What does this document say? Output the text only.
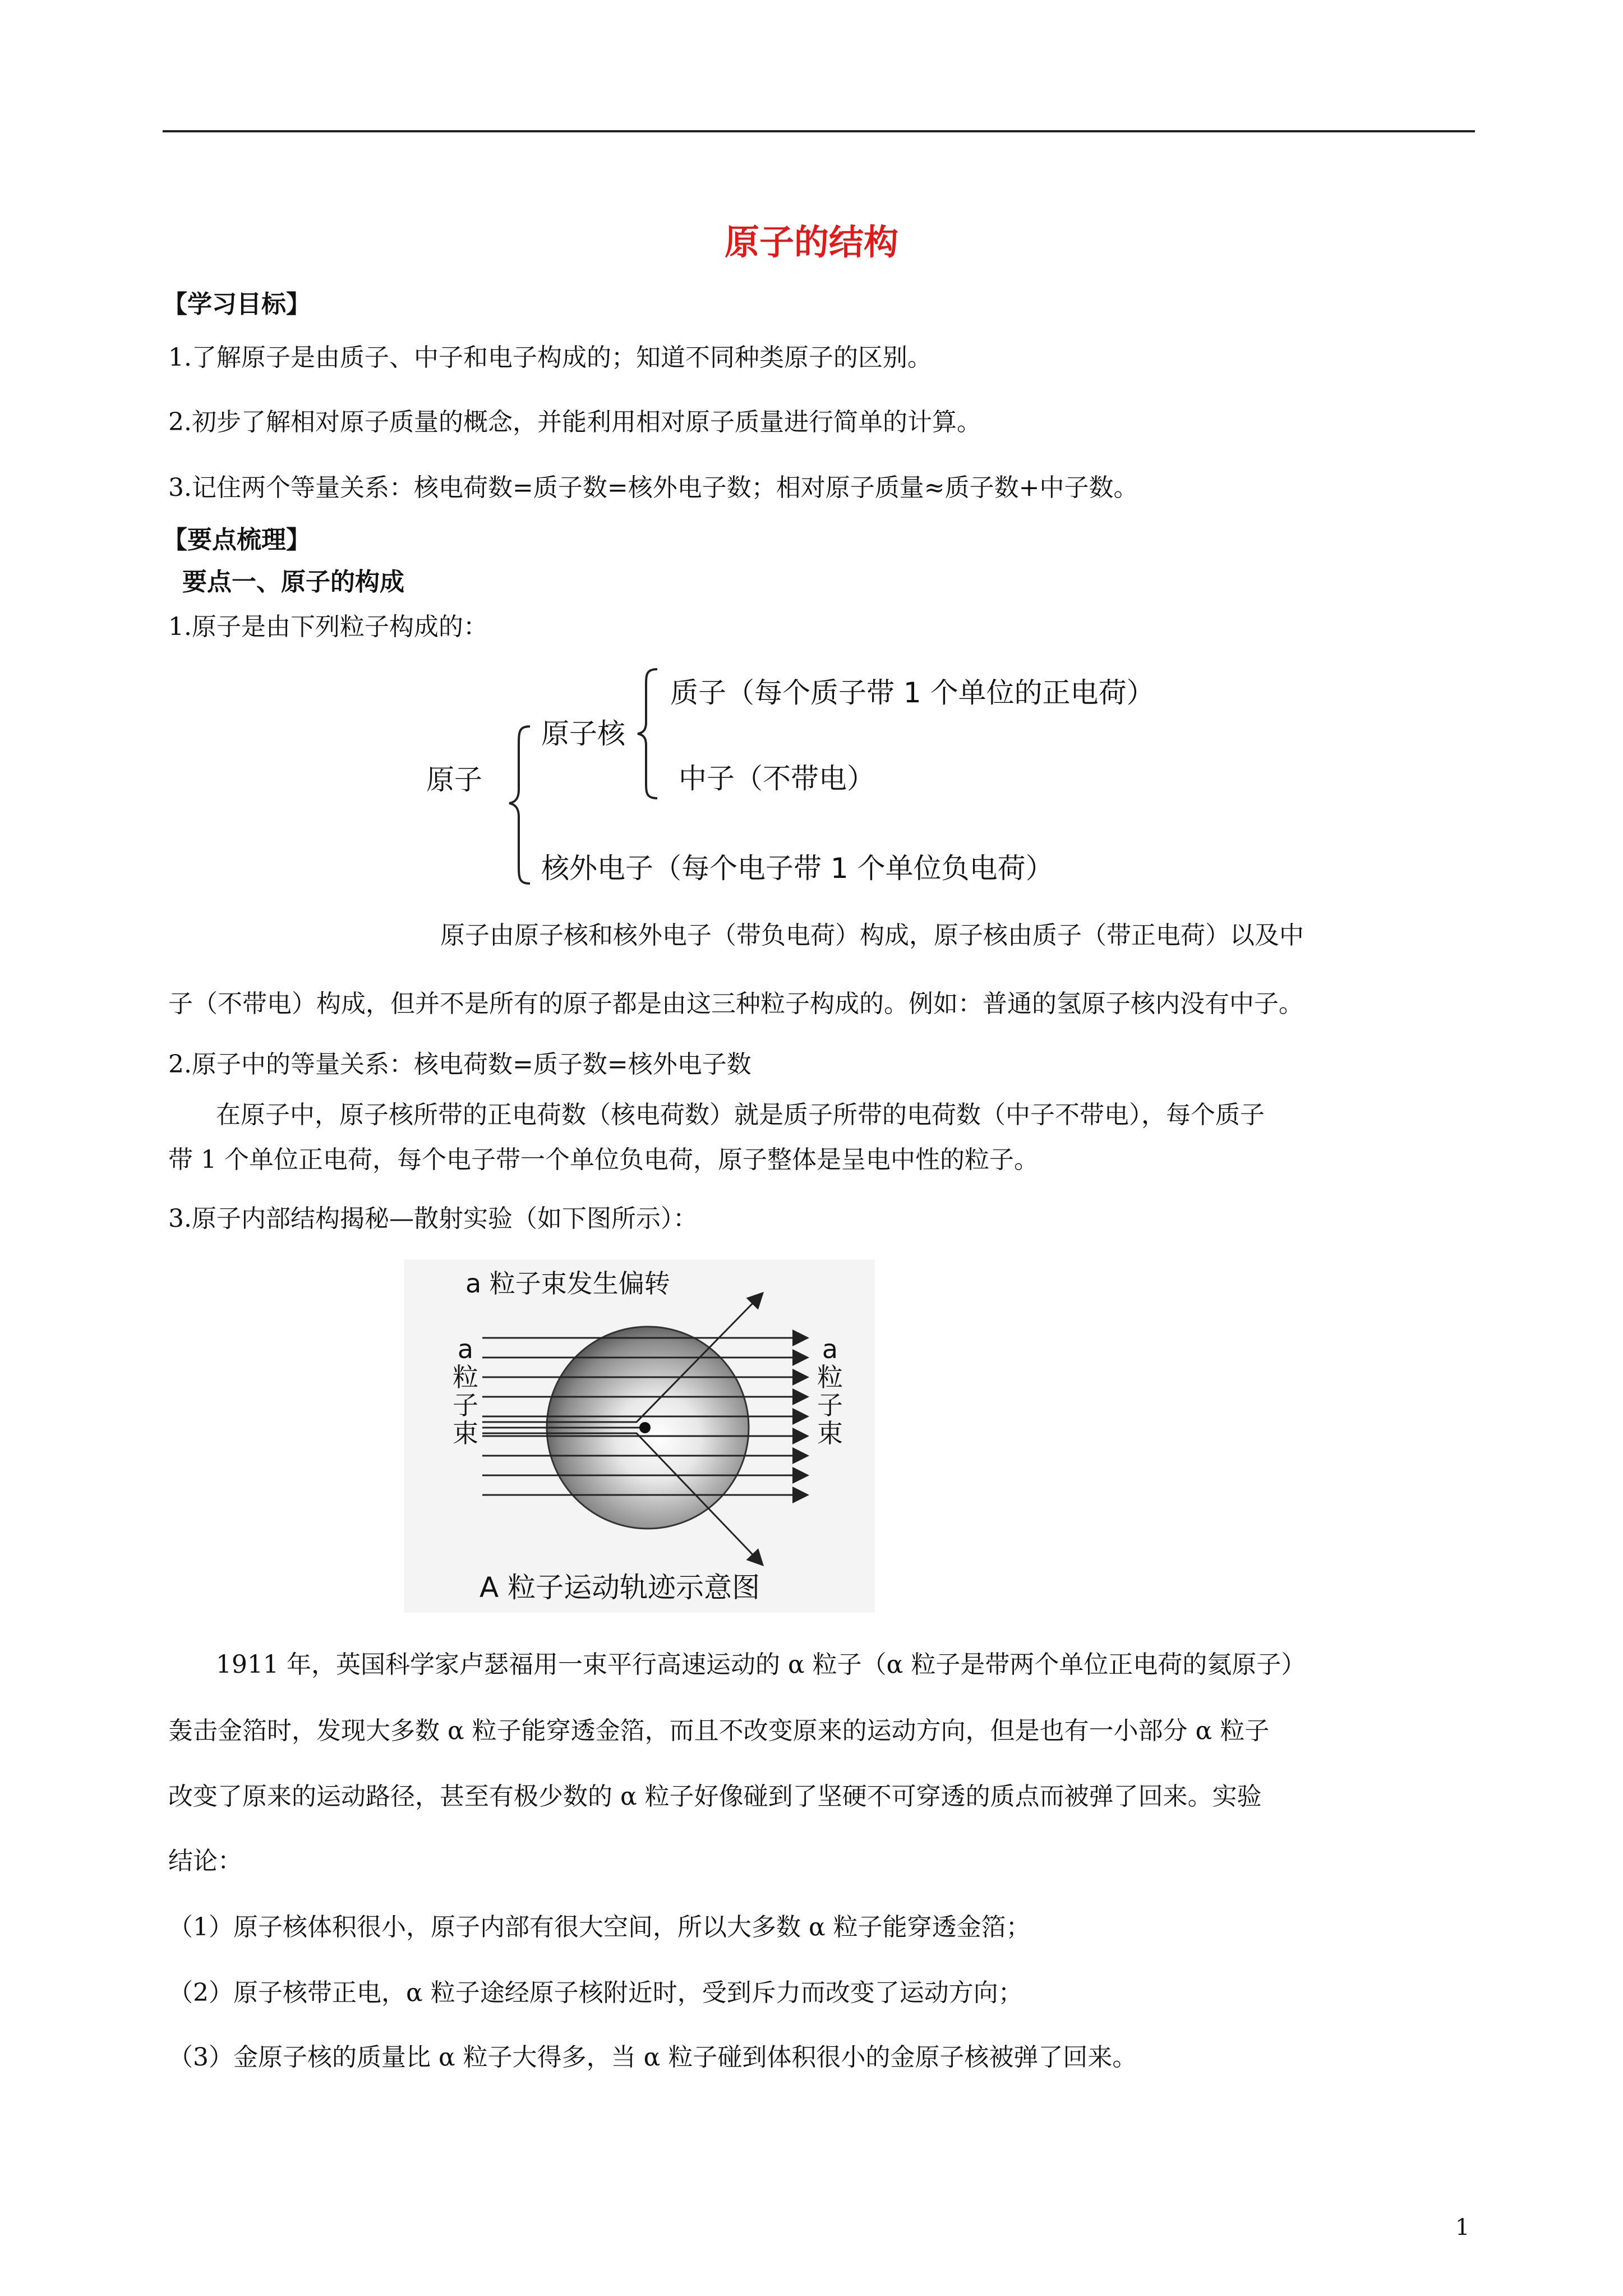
原子的结构
【学习目标】
1.了解原子是由质子、中子和电子构成的；知道不同种类原子的区别。
2.初步了解相对原子质量的概念，并能利用相对原子质量进行简单的计算。
3.记住两个等量关系：核电荷数=质子数=核外电子数；相对原子质量≈质子数+中子数。
【要点梳理】
要点一、原子的构成
1.原子是由下列粒子构成的：
原子
原子核
质子（每个质子带 1 个单位的正电荷）
中子（不带电）
核外电子（每个电子带 1 个单位负电荷）
原子由原子核和核外电子（带负电荷）构成，原子核由质子（带正电荷）以及中
子（不带电）构成，但并不是所有的原子都是由这三种粒子构成的。例如：普通的氢原子核内没有中子。
2.原子中的等量关系：核电荷数=质子数=核外电子数
在原子中，原子核所带的正电荷数（核电荷数）就是质子所带的电荷数（中子不带电），每个质子
带 1 个单位正电荷，每个电子带一个单位负电荷，原子整体是呈电中性的粒子。
3.原子内部结构揭秘—散射实验（如下图所示）：
a 粒子束发生偏转
a
粒
子
束
a
粒
子
束
A 粒子运动轨迹示意图
1911 年，英国科学家卢瑟福用一束平行高速运动的 α 粒子（α 粒子是带两个单位正电荷的氦原子）
轰击金箔时，发现大多数 α 粒子能穿透金箔，而且不改变原来的运动方向，但是也有一小部分 α 粒子
改变了原来的运动路径，甚至有极少数的 α 粒子好像碰到了坚硬不可穿透的质点而被弹了回来。实验
结论：
（1）原子核体积很小，原子内部有很大空间，所以大多数 α 粒子能穿透金箔；
（2）原子核带正电，α 粒子途经原子核附近时，受到斥力而改变了运动方向；
（3）金原子核的质量比 α 粒子大得多，当 α 粒子碰到体积很小的金原子核被弹了回来。
1
